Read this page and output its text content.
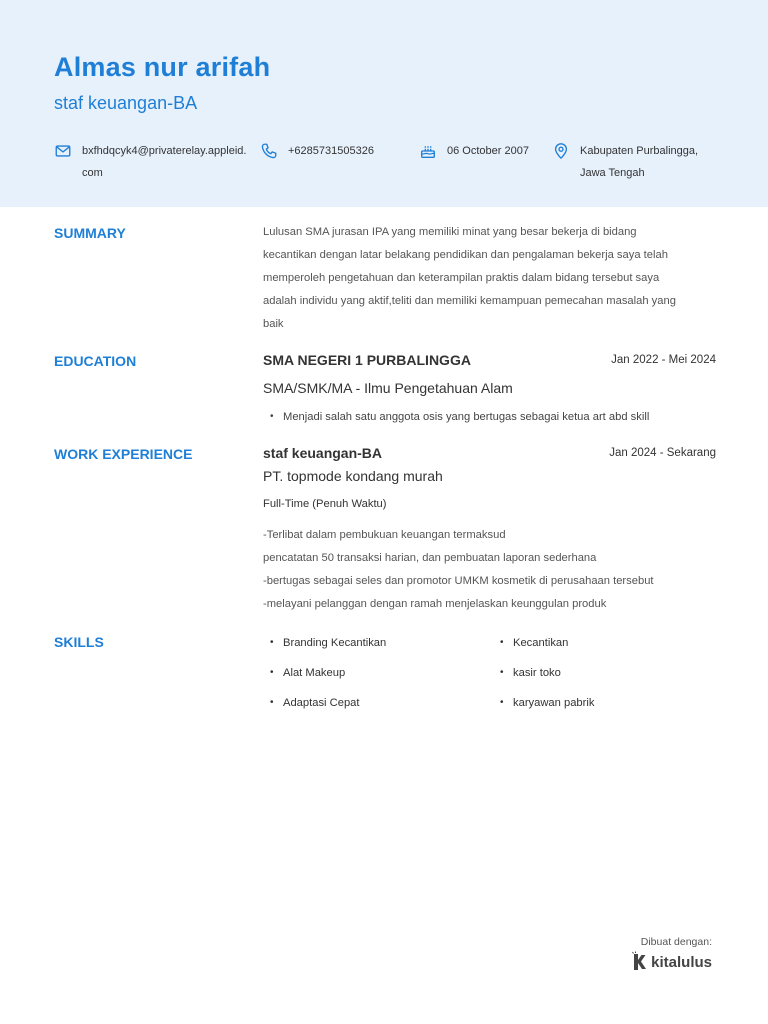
Almas nur arifah
staf keuangan-BA
bxfhdqcyk4@privaterelay.appleid.
com
+6285731505326	06 October 2007	Kabupaten Purbalingga,
Jawa Tengah
SUMMARY	Lulusan SMA jurasan IPA yang memiliki minat yang besar bekerja di bidang
kecantikan dengan latar belakang pendidikan dan pengalaman bekerja saya telah
memperoleh pengetahuan dan keterampilan praktis dalam bidang tersebut saya
adalah individu yang aktif,teliti dan memiliki kemampuan pemecahan masalah yang
baik
EDUCATION	SMA NEGERI 1 PURBALINGGA	Jan 2022 - Mei 2024
SMA/SMK/MA - Ilmu Pengetahuan Alam
• Menjadi salah satu anggota osis yang bertugas sebagai ketua art abd skill
WORK EXPERIENCE	staf keuangan-BA	Jan 2024 - Sekarang
PT. topmode kondang murah
Full-Time (Penuh Waktu)
-Terlibat dalam pembukuan keuangan termaksud
pencatatan 50 transaksi harian, dan pembuatan laporan sederhana
-bertugas sebagai seles dan promotor UMKM kosmetik di perusahaan tersebut
-melayani pelanggan dengan ramah menjelaskan keunggulan produk
SKILLS
•	Branding Kecantikan
• Alat Makeup
• Adaptasi Cepat
• Kecantikan
• kasir toko
• karyawan pabrik
Dibuat dengan:
kitalulus
